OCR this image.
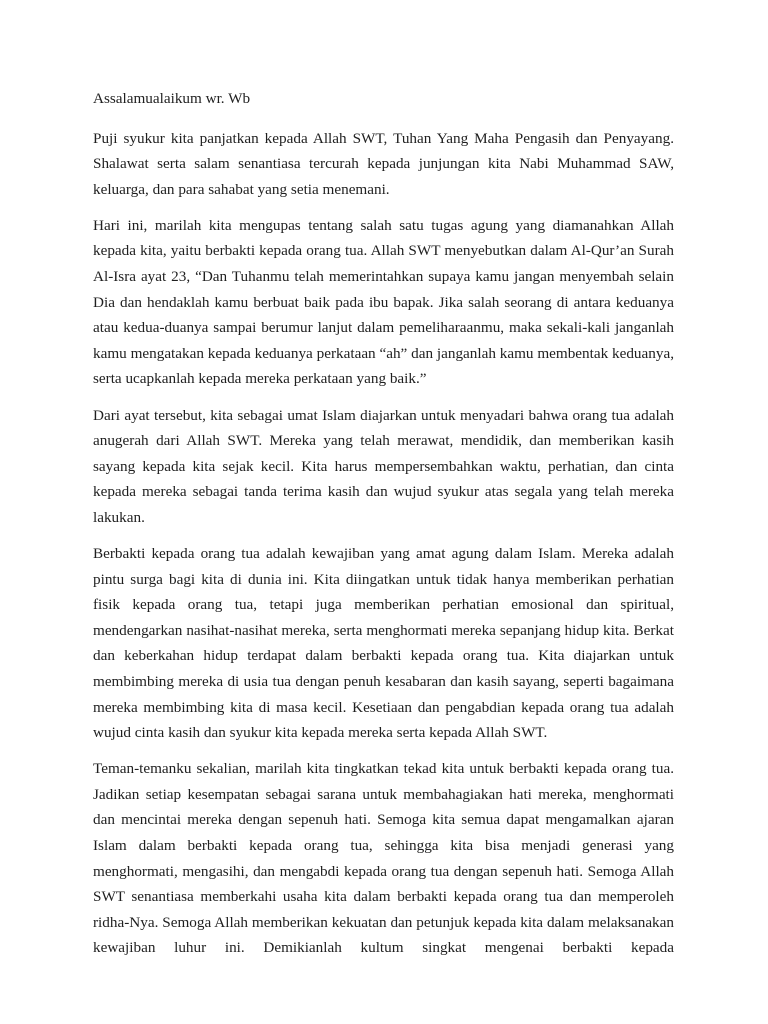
Assalamualaikum wr. Wb

Puji syukur kita panjatkan kepada Allah SWT, Tuhan Yang Maha Pengasih dan Penyayang. Shalawat serta salam senantiasa tercurah kepada junjungan kita Nabi Muhammad SAW, keluarga, dan para sahabat yang setia menemani.

Hari ini, marilah kita mengupas tentang salah satu tugas agung yang diamanahkan Allah kepada kita, yaitu berbakti kepada orang tua. Allah SWT menyebutkan dalam Al-Qur’an Surah Al-Isra ayat 23, “Dan Tuhanmu telah memerintahkan supaya kamu jangan menyembah selain Dia dan hendaklah kamu berbuat baik pada ibu bapak. Jika salah seorang di antara keduanya atau kedua-duanya sampai berumur lanjut dalam pemeliharaanmu, maka sekali-kali janganlah kamu mengatakan kepada keduanya perkataan “ah” dan janganlah kamu membentak keduanya, serta ucapkanlah kepada mereka perkataan yang baik.”

Dari ayat tersebut, kita sebagai umat Islam diajarkan untuk menyadari bahwa orang tua adalah anugerah dari Allah SWT. Mereka yang telah merawat, mendidik, dan memberikan kasih sayang kepada kita sejak kecil. Kita harus mempersembahkan waktu, perhatian, dan cinta kepada mereka sebagai tanda terima kasih dan wujud syukur atas segala yang telah mereka lakukan.

Berbakti kepada orang tua adalah kewajiban yang amat agung dalam Islam. Mereka adalah pintu surga bagi kita di dunia ini. Kita diingatkan untuk tidak hanya memberikan perhatian fisik kepada orang tua, tetapi juga memberikan perhatian emosional dan spiritual, mendengarkan nasihat-nasihat mereka, serta menghormati mereka sepanjang hidup kita. Berkat dan keberkahan hidup terdapat dalam berbakti kepada orang tua. Kita diajarkan untuk membimbing mereka di usia tua dengan penuh kesabaran dan kasih sayang, seperti bagaimana mereka membimbing kita di masa kecil. Kesetiaan dan pengabdian kepada orang tua adalah wujud cinta kasih dan syukur kita kepada mereka serta kepada Allah SWT.

Teman-temanku sekalian, marilah kita tingkatkan tekad kita untuk berbakti kepada orang tua. Jadikan setiap kesempatan sebagai sarana untuk membahagiakan hati mereka, menghormati dan mencintai mereka dengan sepenuh hati. Semoga kita semua dapat mengamalkan ajaran Islam dalam berbakti kepada orang tua, sehingga kita bisa menjadi generasi yang menghormati, mengasihi, dan mengabdi kepada orang tua dengan sepenuh hati. Semoga Allah SWT senantiasa memberkahi usaha kita dalam berbakti kepada orang tua dan memperoleh ridha-Nya. Semoga Allah memberikan kekuatan dan petunjuk kepada kita dalam melaksanakan kewajiban luhur ini. Demikianlah kultum singkat mengenai berbakti kepada
